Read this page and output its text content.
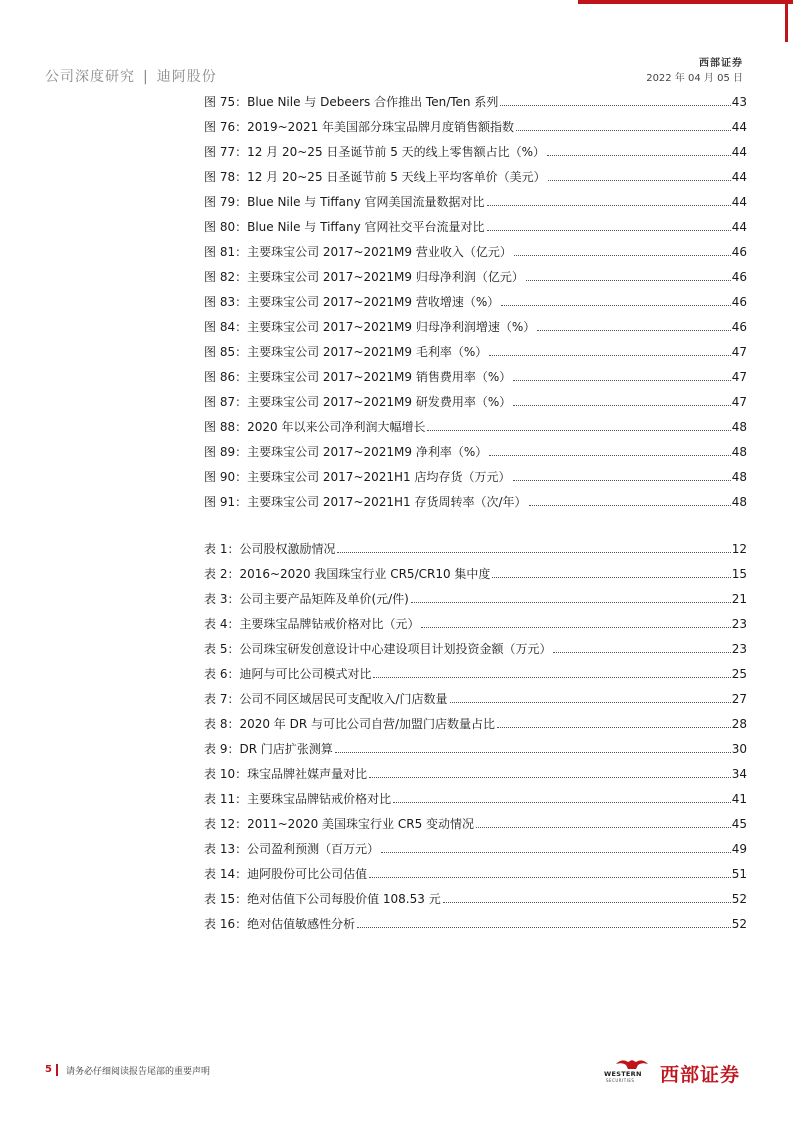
公司深度研究 | 迪阿股份
西部证券
2022 年 04 月 05 日
图 75：Blue Nile 与 Debeers 合作推出 Ten/Ten 系列	43
图 76：2019~2021 年美国部分珠宝品牌月度销售额指数	44
图 77：12 月 20~25 日圣诞节前 5 天的线上零售额占比（%）	44
图 78：12 月 20~25 日圣诞节前 5 天线上平均客单价（美元）	44
图 79：Blue Nile 与 Tiffany 官网美国流量数据对比	44
图 80：Blue Nile 与 Tiffany 官网社交平台流量对比	44
图 81：主要珠宝公司 2017~2021M9 营业收入（亿元）	46
图 82：主要珠宝公司 2017~2021M9 归母净利润（亿元）	46
图 83：主要珠宝公司 2017~2021M9 营收增速（%）	46
图 84：主要珠宝公司 2017~2021M9 归母净利润增速（%）	46
图 85：主要珠宝公司 2017~2021M9 毛利率（%）	47
图 86：主要珠宝公司 2017~2021M9 销售费用率（%）	47
图 87：主要珠宝公司 2017~2021M9 研发费用率（%）	47
图 88：2020 年以来公司净利润大幅增长	48
图 89：主要珠宝公司 2017~2021M9 净利率（%）	48
图 90：主要珠宝公司 2017~2021H1 店均存货（万元）	48
图 91：主要珠宝公司 2017~2021H1 存货周转率（次/年）	48
表 1：公司股权激励情况	12
表 2：2016~2020 我国珠宝行业 CR5/CR10 集中度	15
表 3：公司主要产品矩阵及单价(元/件)	21
表 4：主要珠宝品牌钻戒价格对比（元）	23
表 5：公司珠宝研发创意设计中心建设项目计划投资金额（万元）	23
表 6：迪阿与可比公司模式对比	25
表 7：公司不同区域居民可支配收入/门店数量	27
表 8：2020 年 DR 与可比公司自营/加盟门店数量占比	28
表 9：DR 门店扩张测算	30
表 10：珠宝品牌社媒声量对比	34
表 11：主要珠宝品牌钻戒价格对比	41
表 12：2011~2020 美国珠宝行业 CR5 变动情况	45
表 13：公司盈利预测（百万元）	49
表 14：迪阿股份可比公司估值	51
表 15：绝对估值下公司每股价值 108.53 元	52
表 16：绝对估值敏感性分析	52
5 请务必仔细阅读报告尾部的重要声明	WESTERN
SECURITIES 西部证券
